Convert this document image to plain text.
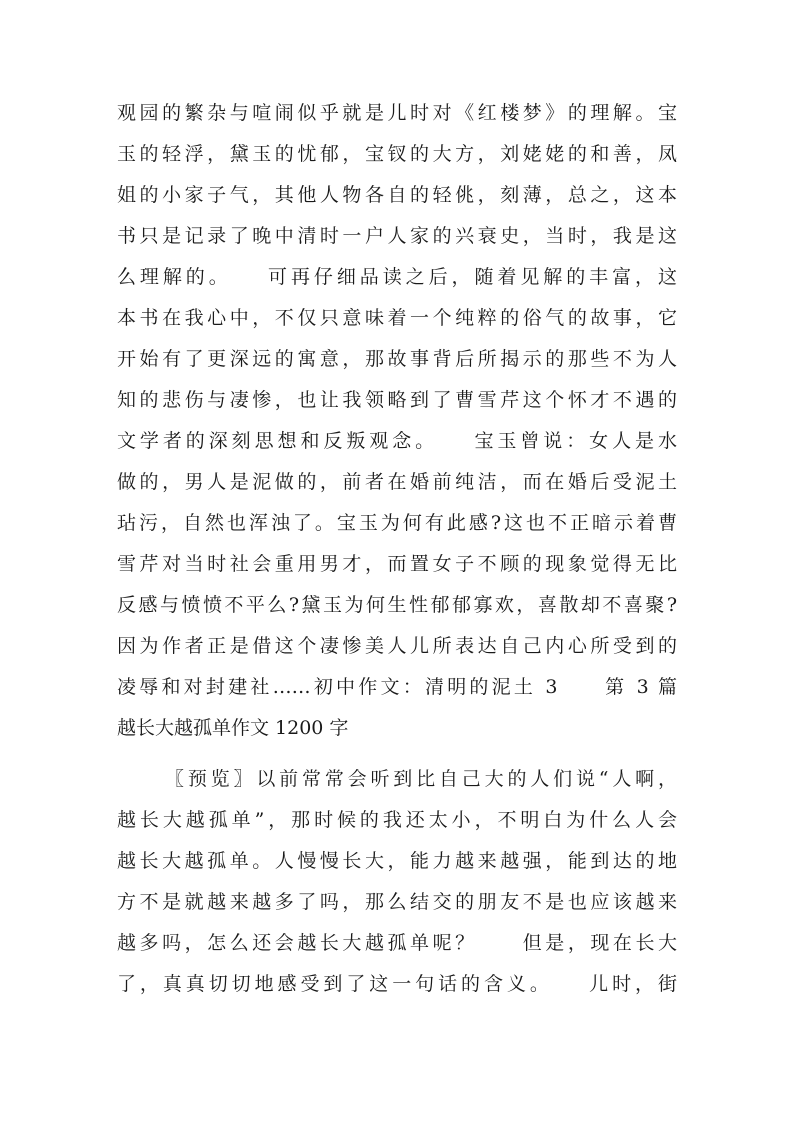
观园的繁杂与喧闹似乎就是儿时对《红楼梦》的理解。宝
玉的轻浮，黛玉的忧郁，宝钗的大方，刘姥姥的和善，凤
姐的小家子气，其他人物各自的轻佻，刻薄，总之，这本
书只是记录了晚中清时一户人家的兴衰史，当时，我是这
么理解的。　　可再仔细品读之后，随着见解的丰富，这
本书在我心中，不仅只意味着一个纯粹的俗气的故事，它
开始有了更深远的寓意，那故事背后所揭示的那些不为人
知的悲伤与凄惨，也让我领略到了曹雪芹这个怀才不遇的
文学者的深刻思想和反叛观念。　　宝玉曾说：女人是水
做的，男人是泥做的，前者在婚前纯洁，而在婚后受泥土
玷污，自然也浑浊了。宝玉为何有此感?这也不正暗示着曹
雪芹对当时社会重用男才，而置女子不顾的现象觉得无比
反感与愤愤不平么?黛玉为何生性郁郁寡欢，喜散却不喜聚?
因为作者正是借这个凄惨美人儿所表达自己内心所受到的
凌辱和对封建社……初中作文：清明的泥土 3　　第 3 篇
越长大越孤单作文 1200 字
〖预览〗以前常常会听到比自己大的人们说“人啊，
越长大越孤单”，那时候的我还太小，不明白为什么人会
越长大越孤单。人慢慢长大，能力越来越强，能到达的地
方不是就越来越多了吗，那么结交的朋友不是也应该越来
越多吗，怎么还会越长大越孤单呢？　　但是，现在长大
了，真真切切地感受到了这一句话的含义。　　儿时，街
